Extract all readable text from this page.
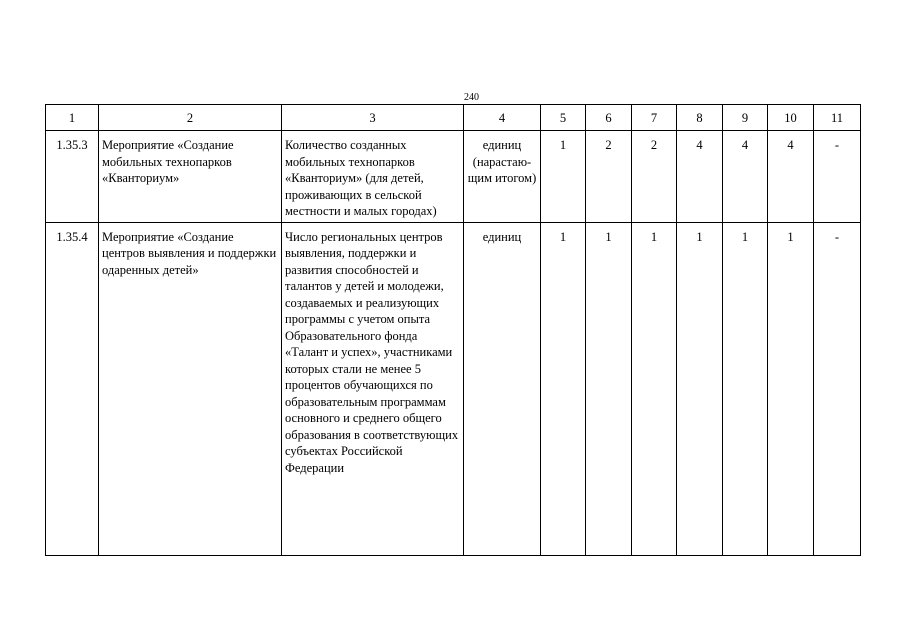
240
1	2	3	4	5	6	7	8	9	10	11
1.35.3	Мероприятие «Создание мобильных технопарков «Кванториум»	Количество созданных мобильных технопарков «Кванториум» (для детей, проживающих в сельской местности и малых городах)	единиц (нарастаю-щим итогом)	1	2	2	4	4	4	-
1.35.4	Мероприятие «Создание центров выявления и поддержки одаренных детей»	Число региональных центров выявления, поддержки и развития способностей и талантов у детей и молодежи, создаваемых и реализующих программы с учетом опыта Образовательного фонда «Талант и успех», участниками которых стали не менее 5 процентов обучающихся по образовательным программам основного и среднего общего образования в соответствующих субъектах Российской Федерации	единиц	1	1	1	1	1	1	-
